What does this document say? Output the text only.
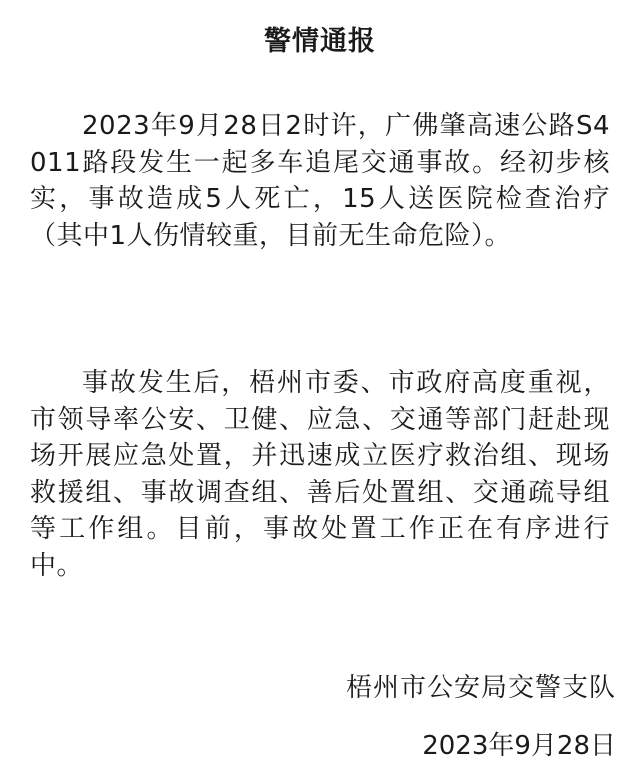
警情通报

2023年9月28日2时许，广佛肇高速公路S4011路段发生一起多车追尾交通事故。经初步核实，事故造成5人死亡，15人送医院检查治疗（其中1人伤情较重，目前无生命危险）。

事故发生后，梧州市委、市政府高度重视，市领导率公安、卫健、应急、交通等部门赶赴现场开展应急处置，并迅速成立医疗救治组、现场救援组、事故调查组、善后处置组、交通疏导组等工作组。目前，事故处置工作正在有序进行中。

梧州市公安局交警支队
2023年9月28日
